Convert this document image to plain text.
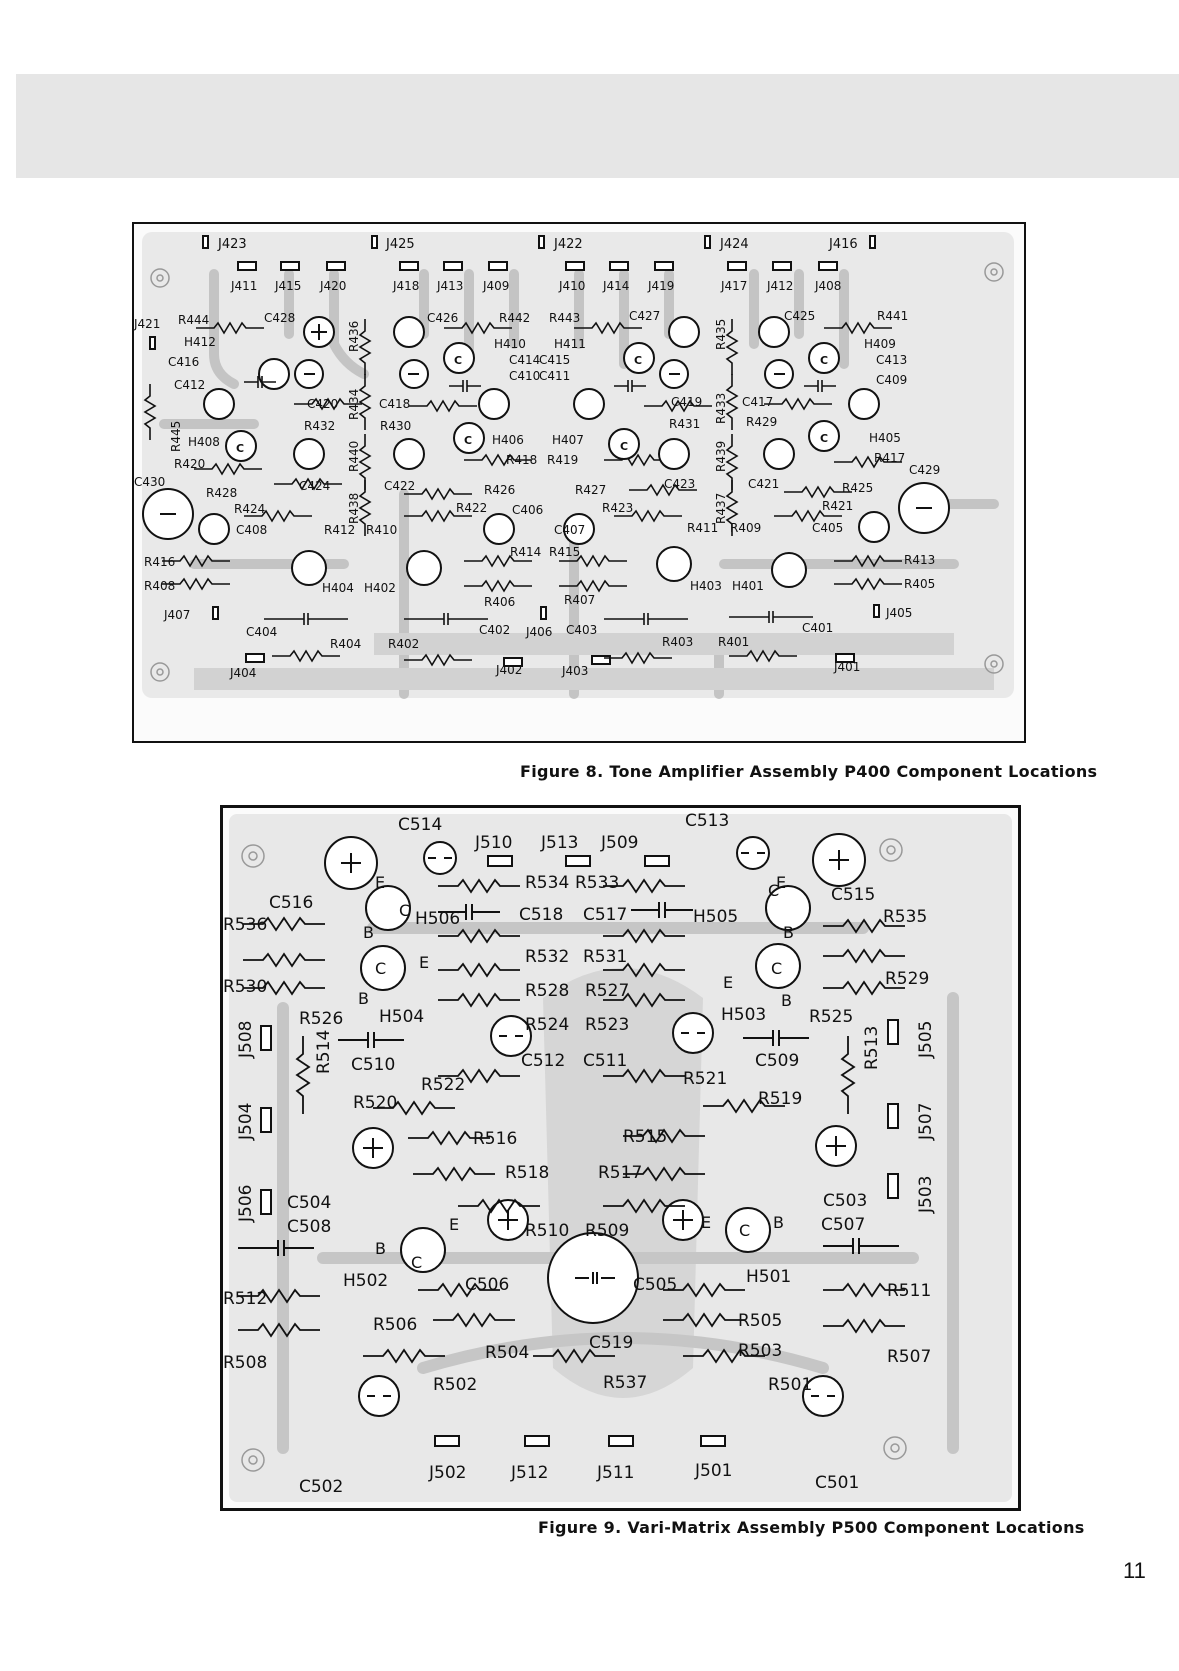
J423	J425	J422	J424	J416
J411 J415 J420	J418 J413 J409	J410 J414 J419	J417 J412 J408
J421
J407
J406
J405
J404	J402	J403	J401
C	C	C
C
C	C
C
R444
R436
R442 R443
R435
R441
R445	R432
R434
R430	R431 R433 R429
R440	R418 R419	R439	R417
R420
R438
R426	R427
R437
R425
R428
R424	R422	R423	R421
R412 R410	R411 R409
R416
R414 R415
R413
R408
R406	R407
R405
R404 R402	R403 R401
C428	C426	C427	C425
C416	C414
C415	C413
C412
C410
C411	C409
C420	C418	C419	C417
C430	C424	C422	C423	C421
C429
C408
C406
C407	C405
C404	C402	C403	C401
H412	H410 H411	H409
H408	H406 H407	H405
H404 H402	H403 H401
Figure 8. Tone Amplifier Assembly P400 Component Locations
C
C
C	C
C
C
E	E
B	B
E
E
B	B
E	E
B
B
J510 J513 J509
J508	J505
J504	J507
J506	J503
J502	J512	J511	J501
R534 R533
R536	R535
R532 R531
R530	R529
R528 R527
R526	R525
R524 R523
R514	R513
R522	R521
R520	R519
R516	R515
R518	R517
R510 R509
R512	R511
R506	R505
R508	R507
R504	R503
R502	R537	R501
C514	C513
C516	C515
C518 C517
C510	C509
C512 C511
C504	C503
C508	C507
C506	C505
C519
C502	C501
H506	H505
H504	H503
H502	H501
Figure 9. Vari-Matrix Assembly P500 Component Locations
11
